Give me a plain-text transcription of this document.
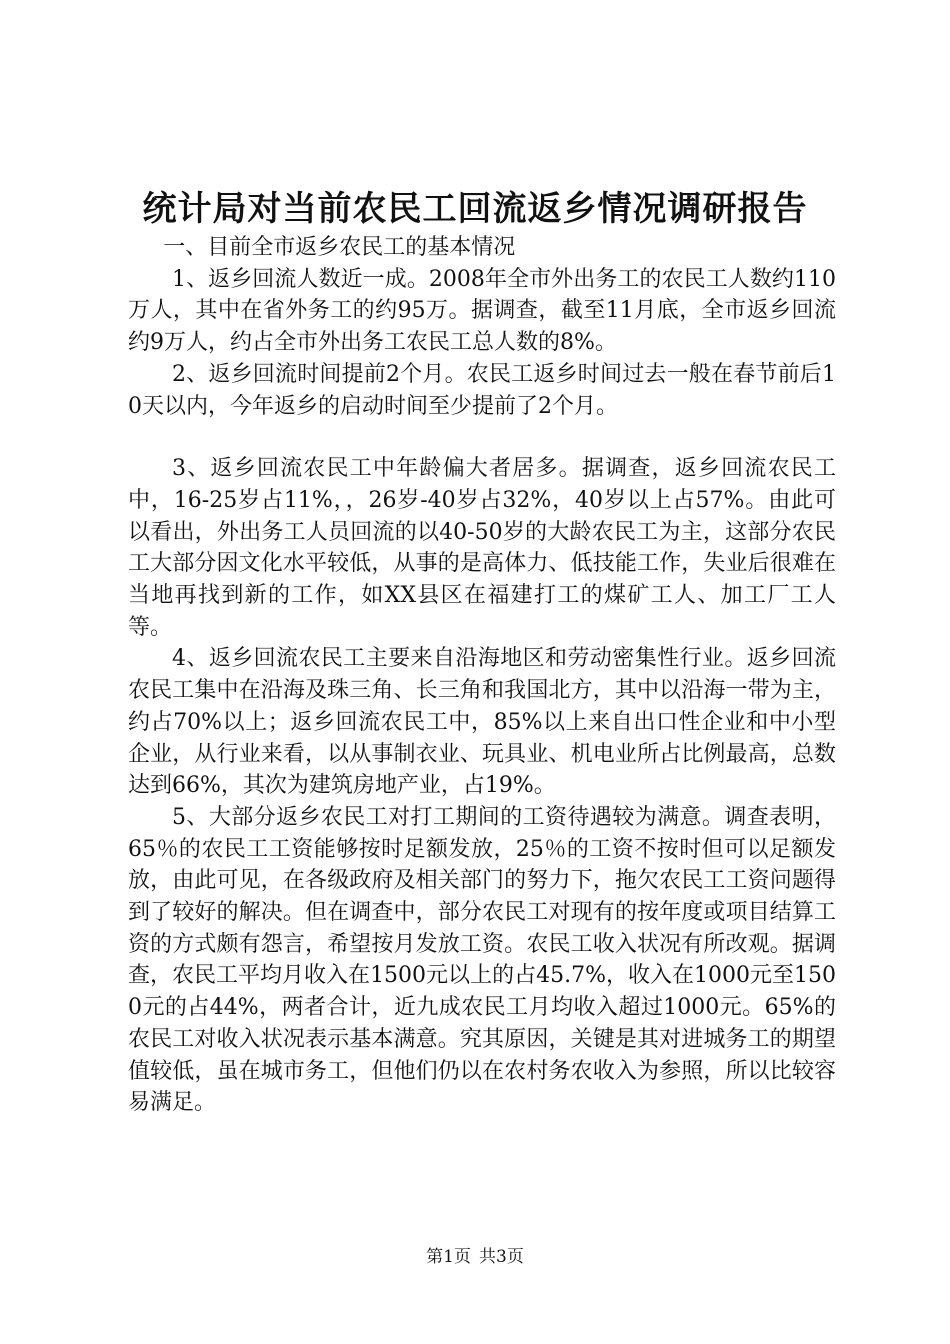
统计局对当前农民工回流返乡情况调研报告

一、目前全市返乡农民工的基本情况

1、返乡回流人数近一成。2008年全市外出务工的农民工人数约110万人，其中在省外务工的约95万。据调查，截至11月底，全市返乡回流约9万人，约占全市外出务工农民工总人数的8%。

2、返乡回流时间提前2个月。农民工返乡时间过去一般在春节前后10天以内，今年返乡的启动时间至少提前了2个月。

3、返乡回流农民工中年龄偏大者居多。据调查，返乡回流农民工中，16-25岁占11%，，26岁-40岁占32%，40岁以上占57%。由此可以看出，外出务工人员回流的以40-50岁的大龄农民工为主，这部分农民工大部分因文化水平较低，从事的是高体力、低技能工作，失业后很难在当地再找到新的工作，如XX县区在福建打工的煤矿工人、加工厂工人等。

4、返乡回流农民工主要来自沿海地区和劳动密集性行业。返乡回流农民工集中在沿海及珠三角、长三角和我国北方，其中以沿海一带为主，约占70%以上；返乡回流农民工中，85%以上来自出口性企业和中小型企业，从行业来看，以从事制衣业、玩具业、机电业所占比例最高，总数达到66%，其次为建筑房地产业，占19%。

5、大部分返乡农民工对打工期间的工资待遇较为满意。调查表明，65％的农民工工资能够按时足额发放，25％的工资不按时但可以足额发放，由此可见，在各级政府及相关部门的努力下，拖欠农民工工资问题得到了较好的解决。但在调查中，部分农民工对现有的按年度或项目结算工资的方式颇有怨言，希望按月发放工资。农民工收入状况有所改观。据调查，农民工平均月收入在1500元以上的占45.7%，收入在1000元至1500元的占44%，两者合计，近九成农民工月均收入超过1000元。65%的农民工对收入状况表示基本满意。究其原因，关键是其对进城务工的期望值较低，虽在城市务工，但他们仍以在农村务农收入为参照，所以比较容易满足。

第1页 共3页
